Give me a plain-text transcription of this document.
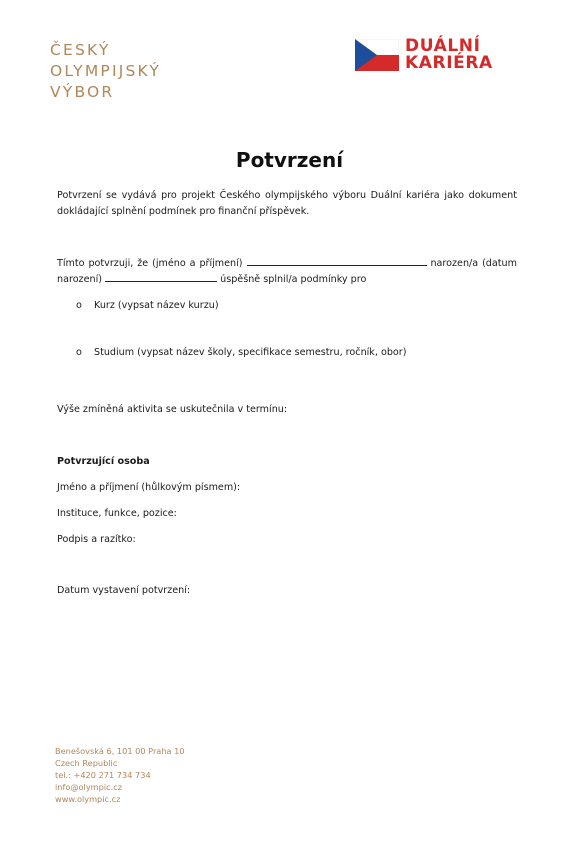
ČESKÝ
OLYMPIJSKÝ
VÝBOR
DUÁLNÍ
KARIÉRA
Potvrzení
Potvrzení se vydává pro projekt Českého olympijského výboru Duální kariéra jako dokument dokládající splnění podmínek pro finanční příspěvek.
Tímto potvrzuji, že (jméno a příjmení)	narozen/a (datum narození)	úspěšně splnil/a podmínky pro
o Kurz (vypsat název kurzu)
o Studium (vypsat název školy, specifikace semestru, ročník, obor)
Výše zmíněná aktivita se uskutečnila v termínu:
Potvrzující osoba
Jméno a příjmení (hůlkovým písmem):
Instituce, funkce, pozice:
Podpis a razítko:
Datum vystavení potvrzení:
Benešovská 6, 101 00 Praha 10
Czech Republic
tel.: +420 271 734 734
info@olympic.cz
www.olympic.cz
